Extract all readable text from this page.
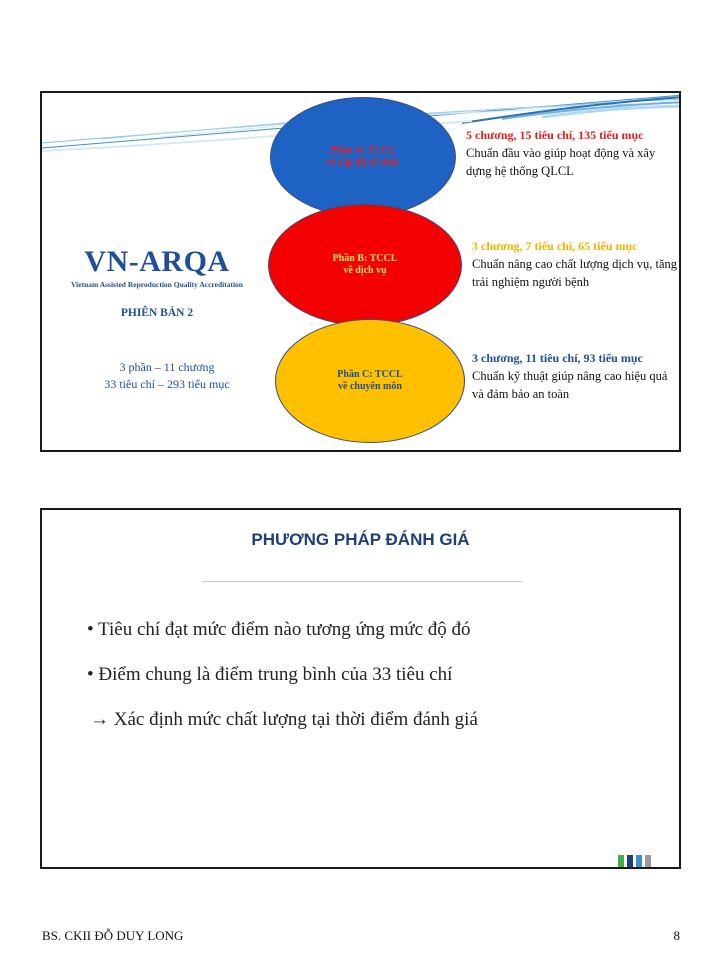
VN-ARQA
Vietnam Assisted Reproduction Quality Accreditation
PHIÊN BẢN 2
3 phần – 11 chương
33 tiêu chí – 293 tiểu mục
Phần A: TCCL
về cấp độ tổ chức
Phần B: TCCL
về dịch vụ
Phần C: TCCL
về chuyên môn
5 chương, 15 tiêu chí, 135 tiểu mục
Chuẩn đầu vào giúp hoạt động và xây dựng hệ thống QLCL
3 chương, 7 tiêu chí, 65 tiểu mục
Chuẩn nâng cao chất lượng dịch vụ, tăng trải nghiệm người bệnh
3 chương, 11 tiêu chí, 93 tiểu mục
Chuẩn kỹ thuật giúp nâng cao hiệu quả và đảm bảo an toàn
PHƯƠNG PHÁP ĐÁNH GIÁ
• Tiêu chí đạt mức điểm nào tương ứng mức độ đó
• Điểm chung là điểm trung bình của 33 tiêu chí
→ Xác định mức chất lượng tại thời điểm đánh giá
BS. CKII ĐỖ DUY LONG	8
